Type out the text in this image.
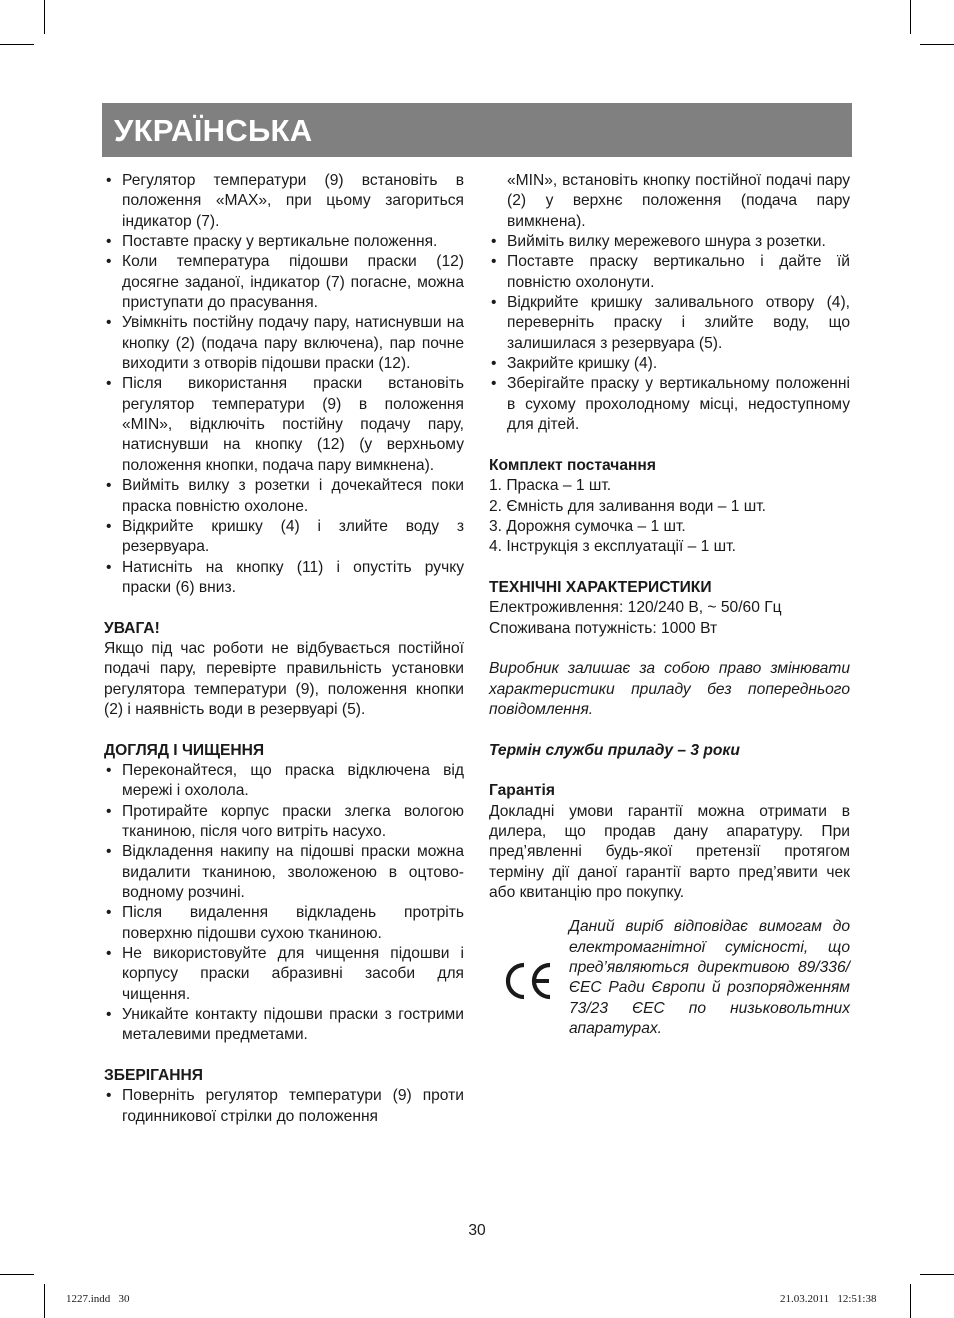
УКРАЇНСЬКА
• Регулятор температури (9) встановіть в положення «MAX», при цьому загориться індикатор (7).
• Поставте праску у вертикальне положення.
• Коли температура підошви праски (12) досягне заданої, індикатор (7) погасне, можна приступати до прасування.
• Увімкніть постійну подачу пару, натиснувши на кнопку (2) (подача пару включена), пар почне виходити з отворів підошви праски (12).
• Після використання праски встановіть регулятор температури (9) в положення «MIN», відключіть постійну подачу пару, натиснувши на кнопку (12) (у верхньому положення кнопки, подача пару вимкнена).
• Вийміть вилку з розетки і дочекайтеся поки праска повністю охолоне.
• Відкрийте кришку (4) і злийте воду з резервуара.
• Натисніть на кнопку (11) і опустіть ручку праски (6) вниз.
УВАГА!
Якщо під час роботи не відбувається постійної подачі пару, перевірте правильність установки регулятора температури (9), положення кнопки (2) і наявність води в резервуарі (5).
ДОГЛЯД І ЧИЩЕННЯ
• Переконайтеся, що праска відключена від мережі і охолола.
• Протирайте корпус праски злегка вологою тканиною, після чого витріть насухо.
• Відкладення накипу на підошві праски можна видалити тканиною, зволоженою в оцтово-водному розчині.
• Після видалення відкладень протріть поверхню підошви сухою тканиною.
• Не використовуйте для чищення підошви і корпусу праски абразивні засоби для чищення.
• Уникайте контакту підошви праски з гострими металевими предметами.
ЗБЕРІГАННЯ
• Поверніть регулятор температури (9) проти годинникової стрілки до положення
«MIN», встановіть кнопку постійної подачі пару (2) у верхнє положення (подача пару вимкнена).
• Вийміть вилку мережевого шнура з розетки.
• Поставте праску вертикально і дайте їй повністю охолонути.
• Відкрийте кришку заливального отвору (4), переверніть праску і злийте воду, що залишилася з резервуара (5).
• Закрийте кришку (4).
• Зберігайте праску у вертикальному положенні в сухому прохолодному місці, недоступному для дітей.
Комплект постачання
1. Праска – 1 шт.
2. Ємність для заливання води – 1 шт.
3. Дорожня сумочка – 1 шт.
4. Інструкція з експлуатації – 1 шт.
ТЕХНІЧНІ ХАРАКТЕРИСТИКИ
Електроживлення: 120/240 В, ~ 50/60 Гц
Споживана потужність: 1000 Вт
Виробник залишає за собою право змінювати характеристики приладу без попереднього повідомлення.
Термін служби приладу – 3 роки
Гарантія
Докладні умови гарантії можна отримати в дилера, що продав дану апаратуру. При пред’явленні будь-якої претензії протягом терміну дії даної гарантії варто пред’явити чек або квитанцію про покупку.
Даний виріб відповідає вимогам до електромагнітної сумісності, що пред’являються директивою 89/336/ЄЕС Ради Європи й розпорядженням 73/23 ЄЕС по низьковольтних апаратурах.
30
1227.indd   30	21.03.2011   12:51:38
